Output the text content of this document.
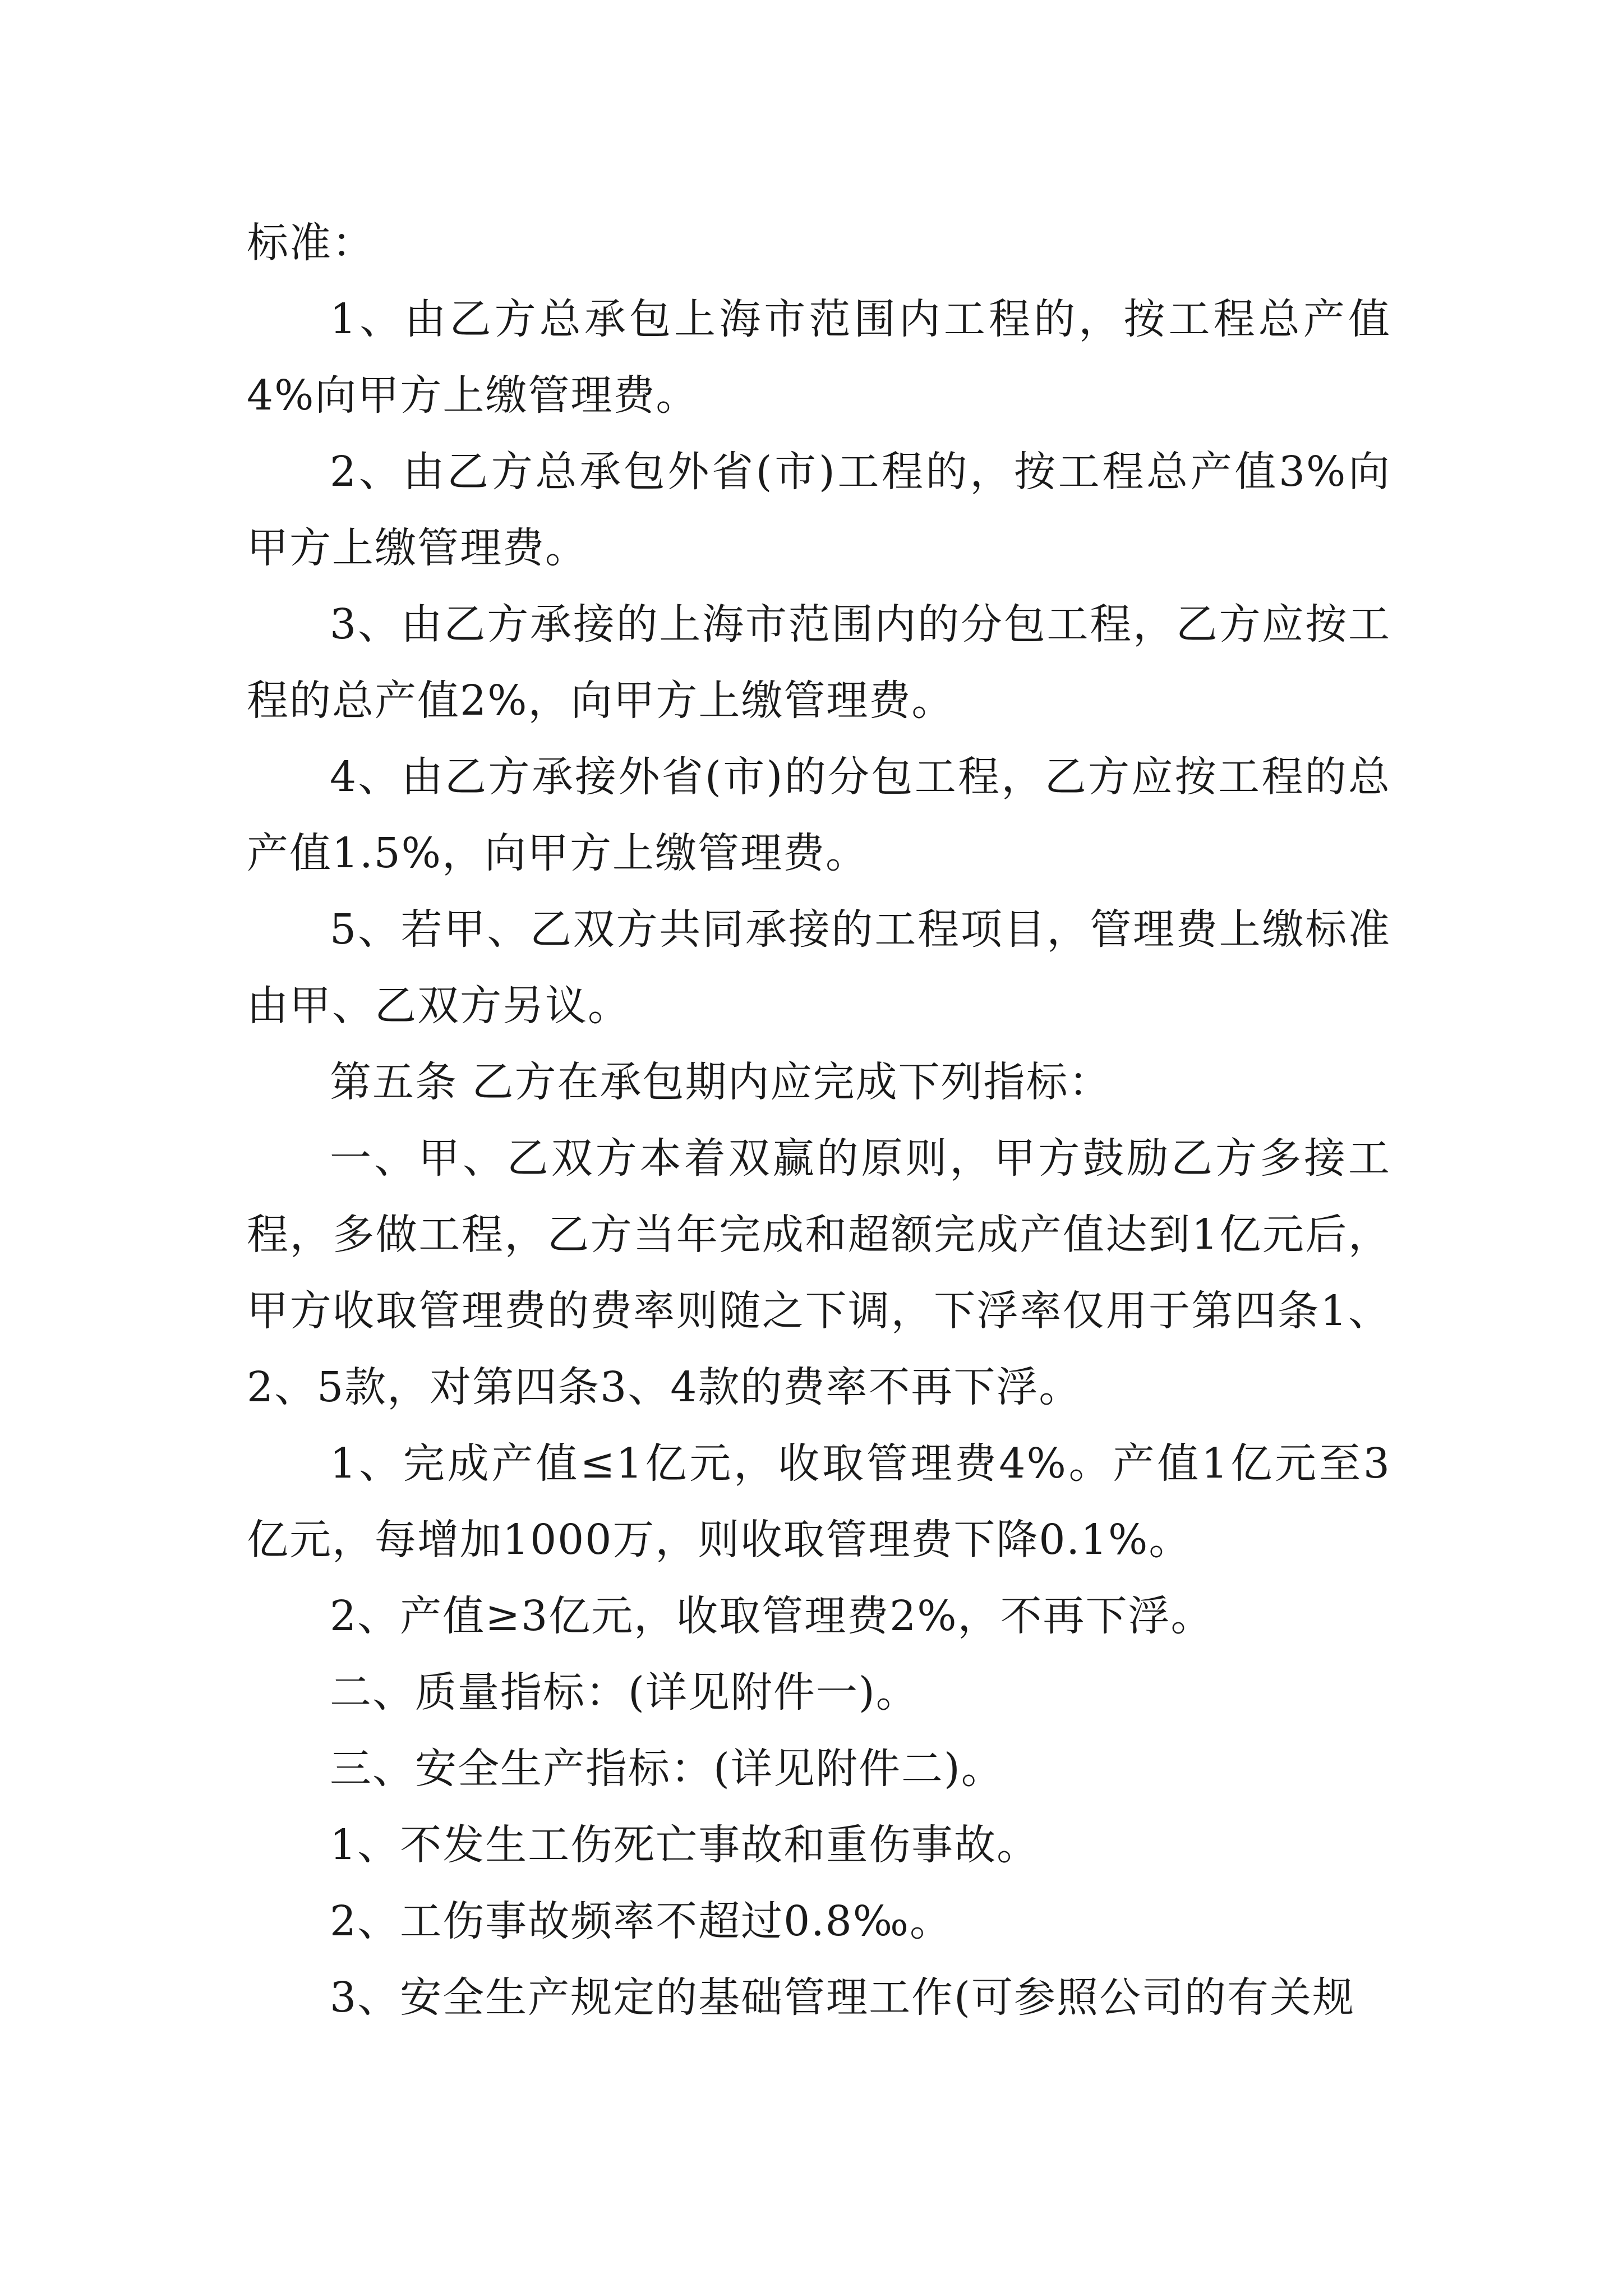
标准：

1、由乙方总承包上海市范围内工程的，按工程总产值4%向甲方上缴管理费。

2、由乙方总承包外省(市)工程的，按工程总产值3%向甲方上缴管理费。

3、由乙方承接的上海市范围内的分包工程，乙方应按工程的总产值2%，向甲方上缴管理费。

4、由乙方承接外省(市)的分包工程，乙方应按工程的总产值1.5%，向甲方上缴管理费。

5、若甲、乙双方共同承接的工程项目，管理费上缴标准由甲、乙双方另议。

第五条 乙方在承包期内应完成下列指标：

一、甲、乙双方本着双赢的原则，甲方鼓励乙方多接工程，多做工程，乙方当年完成和超额完成产值达到1亿元后，甲方收取管理费的费率则随之下调，下浮率仅用于第四条1、2、5款，对第四条3、4款的费率不再下浮。

1、完成产值≤1亿元，收取管理费4%。产值1亿元至3亿元，每增加1000万，则收取管理费下降0.1%。

2、产值≥3亿元，收取管理费2%，不再下浮。

二、质量指标：(详见附件一)。

三、安全生产指标：(详见附件二)。

1、不发生工伤死亡事故和重伤事故。

2、工伤事故频率不超过0.8‰。

3、安全生产规定的基础管理工作(可参照公司的有关规
